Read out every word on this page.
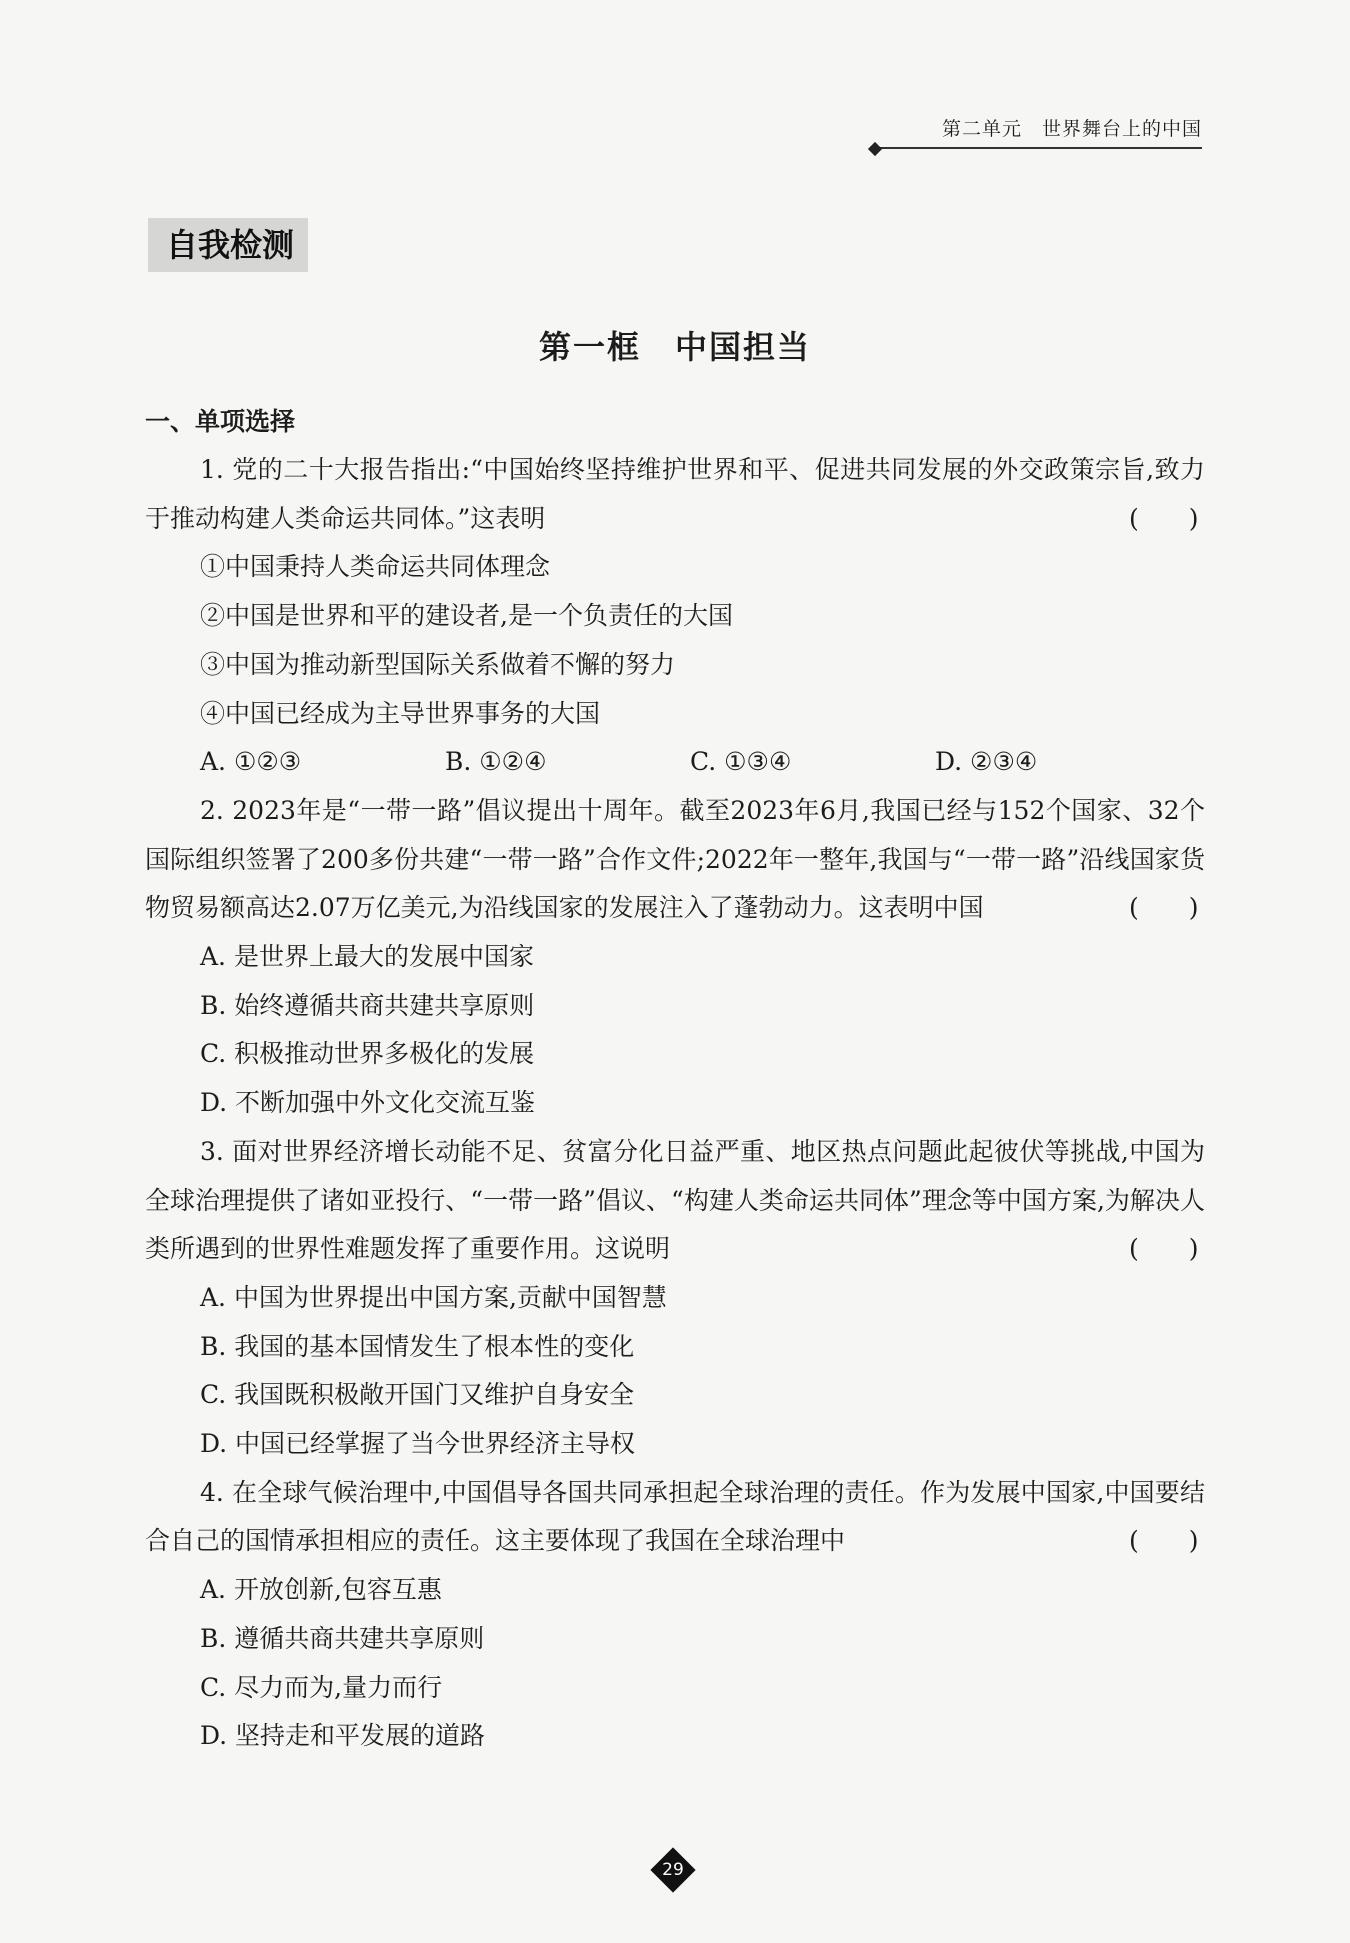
第二单元　世界舞台上的中国
自我检测
第一框　中国担当
一、单项选择

1. 党的二十大报告指出:“中国始终坚持维护世界和平、促进共同发展的外交政策宗旨,致力于推动构建人类命运共同体。”这表明	(　　)

①中国秉持人类命运共同体理念

②中国是世界和平的建设者,是一个负责任的大国

③中国为推动新型国际关系做着不懈的努力

④中国已经成为主导世界事务的大国

A. ①②③	B. ①②④	C. ①③④	D. ②③④

2. 2023年是“一带一路”倡议提出十周年。截至2023年6月,我国已经与152个国家、32个国际组织签署了200多份共建“一带一路”合作文件;2022年一整年,我国与“一带一路”沿线国家货物贸易额高达2.07万亿美元,为沿线国家的发展注入了蓬勃动力。这表明中国	(　　)

A. 是世界上最大的发展中国家

B. 始终遵循共商共建共享原则

C. 积极推动世界多极化的发展

D. 不断加强中外文化交流互鉴

3. 面对世界经济增长动能不足、贫富分化日益严重、地区热点问题此起彼伏等挑战,中国为全球治理提供了诸如亚投行、“一带一路”倡议、“构建人类命运共同体”理念等中国方案,为解决人类所遇到的世界性难题发挥了重要作用。这说明	(　　)

A. 中国为世界提出中国方案,贡献中国智慧

B. 我国的基本国情发生了根本性的变化

C. 我国既积极敞开国门又维护自身安全

D. 中国已经掌握了当今世界经济主导权

4. 在全球气候治理中,中国倡导各国共同承担起全球治理的责任。作为发展中国家,中国要结合自己的国情承担相应的责任。这主要体现了我国在全球治理中	(　　)

A. 开放创新,包容互惠

B. 遵循共商共建共享原则

C. 尽力而为,量力而行

D. 坚持走和平发展的道路

29
